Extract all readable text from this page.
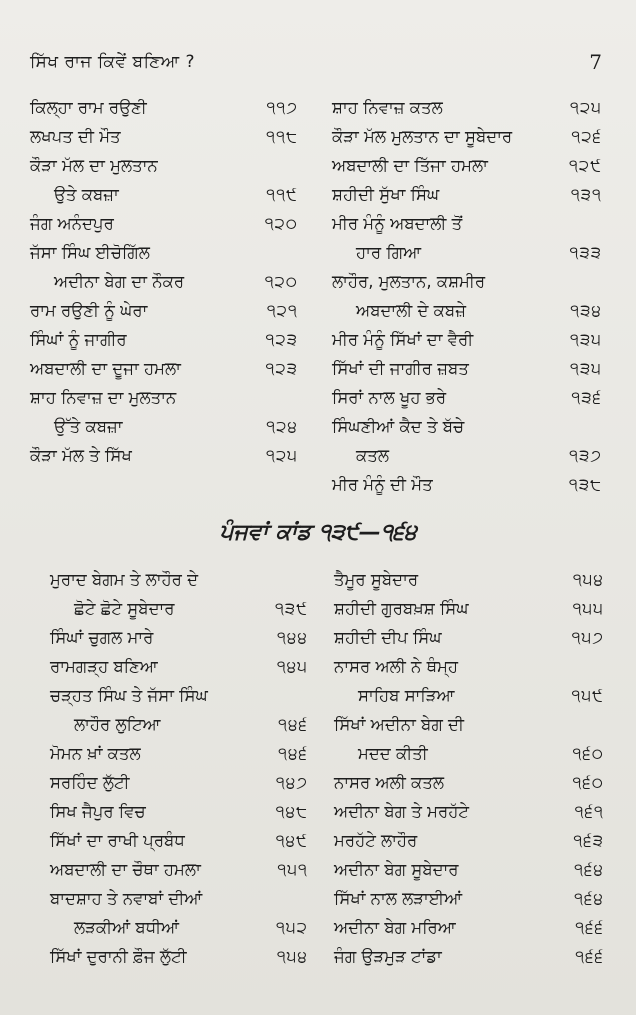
ਸਿੱਖ ਰਾਜ ਕਿਵੇਂ ਬਣਿਆ ?	7
ਕਿਲ੍ਹਾ ਰਾਮ ਰਉਣੀ	੧੧੭
ਲਖਪਤ ਦੀ ਮੌਤ	੧੧੮
ਕੌੜਾ ਮੱਲ ਦਾ ਮੁਲਤਾਨ
ਉਤੇ ਕਬਜ਼ਾ	੧੧੯
ਜੰਗ ਅਨੰਦਪੁਰ	੧੨੦
ਜੱਸਾ ਸਿੰਘ ਈਚੋਗਿੱਲ
ਅਦੀਨਾ ਬੇਗ ਦਾ ਨੌਕਰ	੧੨੦
ਰਾਮ ਰਉਣੀ ਨੂੰ ਘੇਰਾ	੧੨੧
ਸਿੰਘਾਂ ਨੂੰ ਜਾਗੀਰ	੧੨੩
ਅਬਦਾਲੀ ਦਾ ਦੂਜਾ ਹਮਲਾ	੧੨੩
ਸ਼ਾਹ ਨਿਵਾਜ਼ ਦਾ ਮੁਲਤਾਨ
ਉੱਤੇ ਕਬਜ਼ਾ	੧੨੪
ਕੌੜਾ ਮੱਲ ਤੇ ਸਿੱਖ	੧੨੫
ਸ਼ਾਹ ਨਿਵਾਜ਼ ਕਤਲ	੧੨੫
ਕੌੜਾ ਮੱਲ ਮੁਲਤਾਨ ਦਾ ਸੂਬੇਦਾਰ	੧੨੬
ਅਬਦਾਲੀ ਦਾ ਤਿੱਜਾ ਹਮਲਾ	੧੨੯
ਸ਼ਹੀਦੀ ਸੁੱਖਾ ਸਿੰਘ	੧੩੧
ਮੀਰ ਮੰਨੂੰ ਅਬਦਾਲੀ ਤੋਂ
ਹਾਰ ਗਿਆ	੧੩੩
ਲਾਹੌਰ, ਮੁਲਤਾਨ, ਕਸ਼ਮੀਰ
ਅਬਦਾਲੀ ਦੇ ਕਬਜ਼ੇ	੧੩੪
ਮੀਰ ਮੰਨੂੰ ਸਿੱਖਾਂ ਦਾ ਵੈਰੀ	੧੩੫
ਸਿੱਖਾਂ ਦੀ ਜਾਗੀਰ ਜ਼ਬਤ	੧੩੫
ਸਿਰਾਂ ਨਾਲ ਖੂਹ ਭਰੇ	੧੩੬
ਸਿੰਘਣੀਆਂ ਕੈਦ ਤੇ ਬੱਚੇ
ਕਤਲ	੧੩੭
ਮੀਰ ਮੰਨੂੰ ਦੀ ਮੌਤ	੧੩੮
ਪੰਜਵਾਂ ਕਾਂਡ ੧੩੯—੧੬੪
ਮੁਰਾਦ ਬੇਗਮ ਤੇ ਲਾਹੌਰ ਦੇ
ਛੋਟੇ ਛੋਟੇ ਸੂਬੇਦਾਰ	੧੩੯
ਸਿੰਘਾਂ ਚੁਗਲ ਮਾਰੇ	੧੪੪
ਰਾਮਗੜ੍ਹ ਬਣਿਆ	੧੪੫
ਚੜ੍ਹਤ ਸਿੰਘ ਤੇ ਜੱਸਾ ਸਿੰਘ
ਲਾਹੌਰ ਲੁਟਿਆ	੧੪੬
ਮੋਮਨ ਖ਼ਾਂ ਕਤਲ	੧੪੬
ਸਰਹਿੰਦ ਲੁੱਟੀ	੧੪੭
ਸਿਖ ਜੈਪੁਰ ਵਿਚ	੧੪੮
ਸਿੱਖਾਂ ਦਾ ਰਾਖੀ ਪ੍ਰਬੰਧ	੧੪੯
ਅਬਦਾਲੀ ਦਾ ਚੌਥਾ ਹਮਲਾ	੧੫੧
ਬਾਦਸ਼ਾਹ ਤੇ ਨਵਾਬਾਂ ਦੀਆਂ
ਲੜਕੀਆਂ ਬਧੀਆਂ	੧੫੨
ਸਿੱਖਾਂ ਦੁਰਾਨੀ ਫ਼ੌਜ ਲੁੱਟੀ	੧੫੪
ਤੈਮੂਰ ਸੂਬੇਦਾਰ	੧੫੪
ਸ਼ਹੀਦੀ ਗੁਰਬਖ਼ਸ਼ ਸਿੰਘ	੧੫੫
ਸ਼ਹੀਦੀ ਦੀਪ ਸਿੰਘ	੧੫੭
ਨਾਸਰ ਅਲੀ ਨੇ ਥੰਮ੍ਹ
ਸਾਹਿਬ ਸਾੜਿਆ	੧੫੯
ਸਿੱਖਾਂ ਅਦੀਨਾ ਬੇਗ ਦੀ
ਮਦਦ ਕੀਤੀ	੧੬੦
ਨਾਸਰ ਅਲੀ ਕਤਲ	੧੬੦
ਅਦੀਨਾ ਬੇਗ ਤੇ ਮਰਹੱਟੇ	੧੬੧
ਮਰਹੱਟੇ ਲਾਹੌਰ	੧੬੩
ਅਦੀਨਾ ਬੇਗ ਸੂਬੇਦਾਰ	੧੬੪
ਸਿੱਖਾਂ ਨਾਲ ਲੜਾਈਆਂ	੧੬੪
ਅਦੀਨਾ ਬੇਗ ਮਰਿਆ	੧੬੬
ਜੰਗ ਉੜਮੁੜ ਟਾਂਡਾ	੧੬੬
